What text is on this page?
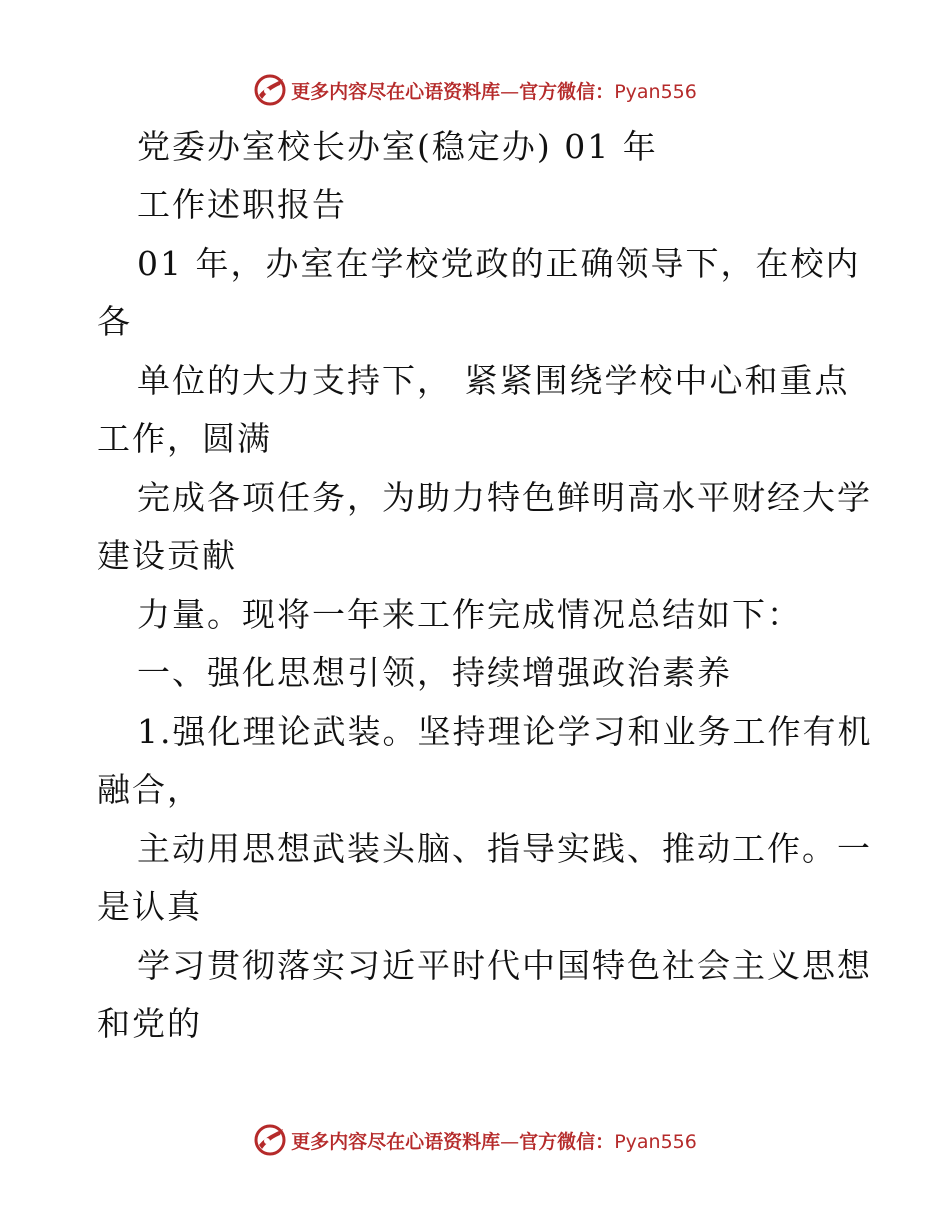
更多内容尽在心语资料库—官方微信：Pyan556
党委办室校长办室(稳定办) 01 年
工作述职报告
01 年，办室在学校党政的正确领导下，在校内
各
单位的大力支持下， 紧紧围绕学校中心和重点
工作，圆满
完成各项任务，为助力特色鲜明高水平财经大学
建设贡献
力量。现将一年来工作完成情况总结如下：
一、强化思想引领，持续增强政治素养
1.强化理论武装。坚持理论学习和业务工作有机
融合，
主动用思想武装头脑、指导实践、推动工作。一
是认真
学习贯彻落实习近平时代中国特色社会主义思想
和党的
更多内容尽在心语资料库—官方微信：Pyan556
